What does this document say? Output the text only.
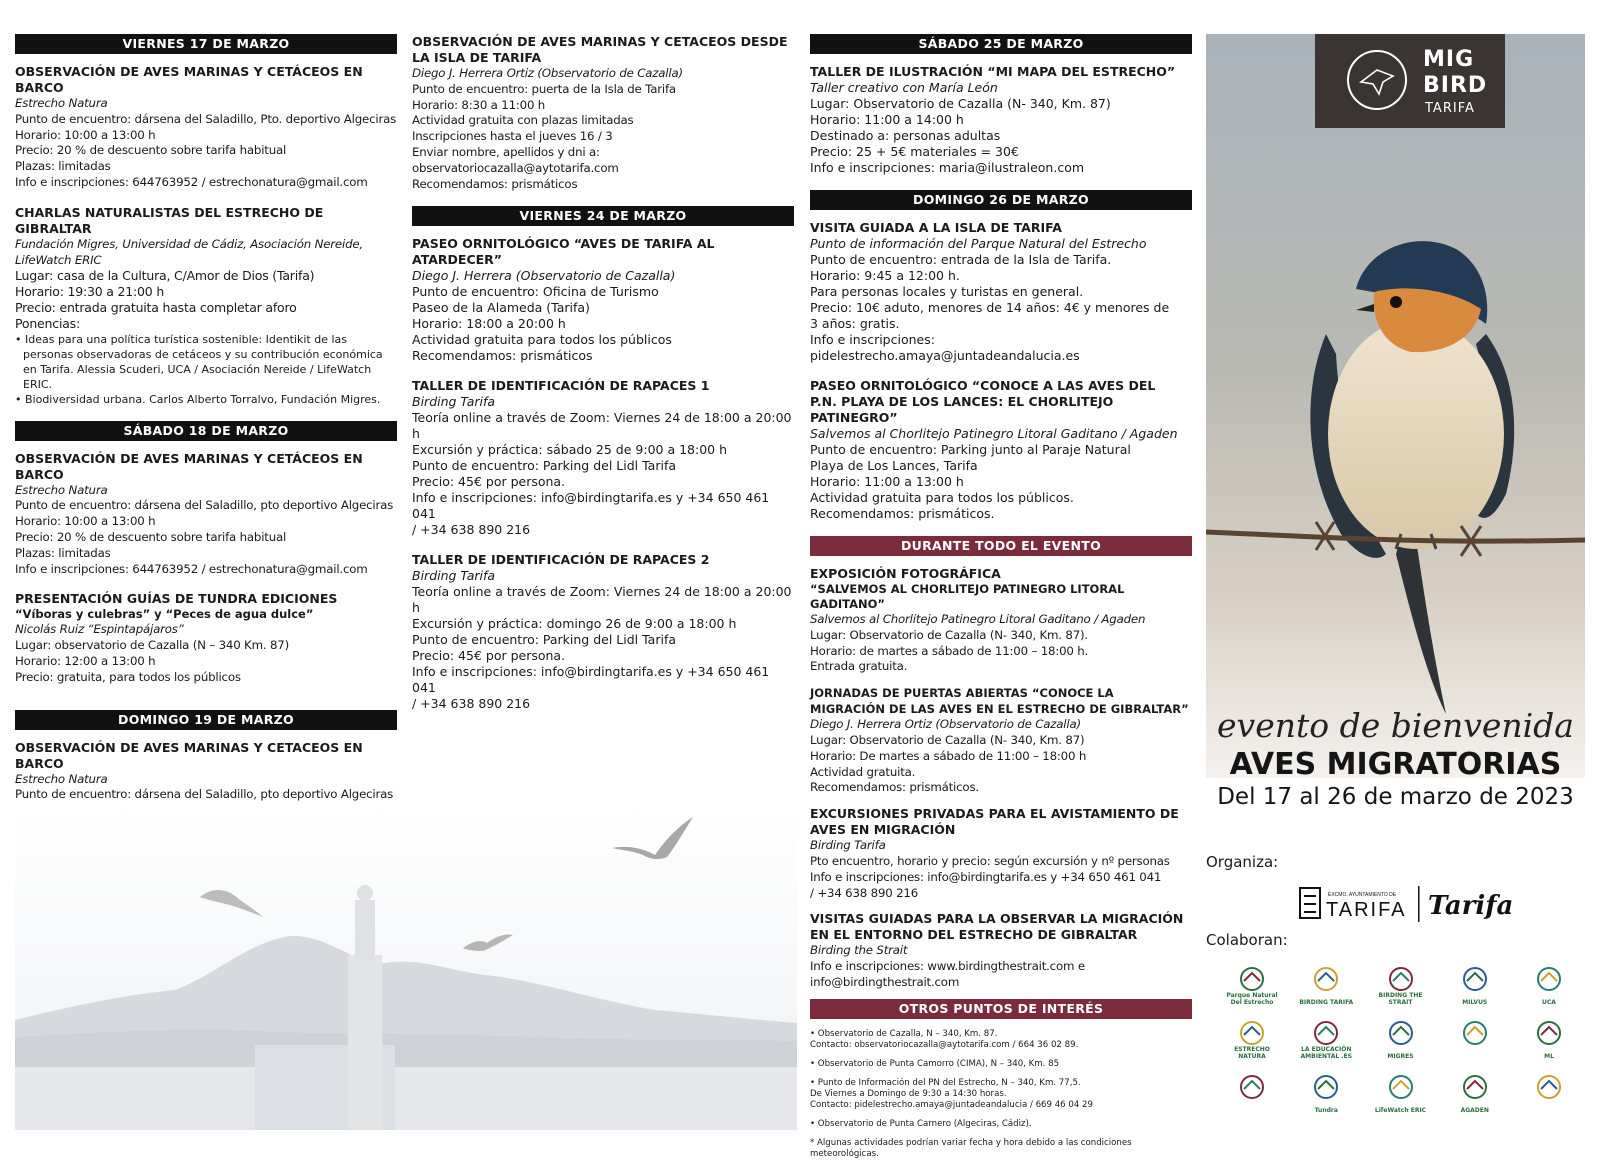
VIERNES 17 DE MARZO
OBSERVACIÓN DE AVES MARINAS Y CETÁCEOS EN BARCO
Estrecho Natura
Punto de encuentro: dársena del Saladillo, Pto. deportivo Algeciras
Horario: 10:00 a 13:00 h
Precio: 20 % de descuento sobre tarifa habitual
Plazas: limitadas
Info e inscripciones: 644763952 / estrechonatura@gmail.com
CHARLAS NATURALISTAS DEL ESTRECHO DE GIBRALTAR
Fundación Migres, Universidad de Cádiz, Asociación Nereide, LifeWatch ERIC
Lugar: casa de la Cultura, C/Amor de Dios (Tarifa)
Horario: 19:30 a 21:00 h
Precio: entrada gratuita hasta completar aforo
Ponencias:
• Ideas para una política turística sostenible: Identikit de las personas observadoras de cetáceos y su contribución económica en Tarifa. Alessia Scuderi, UCA / Asociación Nereide / LifeWatch ERIC.
• Biodiversidad urbana. Carlos Alberto Torralvo, Fundación Migres.
SÁBADO 18 DE MARZO
OBSERVACIÓN DE AVES MARINAS Y CETÁCEOS EN BARCO
Estrecho Natura
Punto de encuentro: dársena del Saladillo, pto deportivo Algeciras
Horario: 10:00 a 13:00 h
Precio: 20 % de descuento sobre tarifa habitual
Plazas: limitadas
Info e inscripciones: 644763952 / estrechonatura@gmail.com
PRESENTACIÓN GUÍAS DE TUNDRA EDICIONES
“Víboras y culebras” y “Peces de agua dulce”
Nicolás Ruiz “Espintapájaros”
Lugar: observatorio de Cazalla (N – 340 Km. 87)
Horario: 12:00 a 13:00 h
Precio: gratuita, para todos los públicos
DOMINGO 19 DE MARZO
OBSERVACIÓN DE AVES MARINAS Y CETACEOS EN BARCO
Estrecho Natura
Punto de encuentro: dársena del Saladillo, pto deportivo Algeciras
OBSERVACIÓN DE AVES MARINAS Y CETACEOS DESDE LA ISLA DE TARIFA
Diego J. Herrera Ortiz (Observatorio de Cazalla)
Punto de encuentro: puerta de la Isla de Tarifa
Horario: 8:30 a 11:00 h
Actividad gratuita con plazas limitadas
Inscripciones hasta el jueves 16 / 3
Enviar nombre, apellidos y dni a:
observatoriocazalla@aytotarifa.com
Recomendamos: prismáticos
VIERNES 24 DE MARZO
PASEO ORNITOLÓGICO “AVES DE TARIFA AL ATARDECER”
Diego J. Herrera (Observatorio de Cazalla)
Punto de encuentro: Oficina de Turismo
Paseo de la Alameda (Tarifa)
Horario: 18:00 a 20:00 h
Actividad gratuita para todos los públicos
Recomendamos: prismáticos
TALLER DE IDENTIFICACIÓN DE RAPACES 1
Birding Tarifa
Teoría online a través de Zoom: Viernes 24 de 18:00 a 20:00 h
Excursión y práctica: sábado 25 de 9:00 a 18:00 h
Punto de encuentro: Parking del Lidl Tarifa
Precio: 45€ por persona.
Info e inscripciones: info@birdingtarifa.es y +34 650 461 041
/ +34 638 890 216
TALLER DE IDENTIFICACIÓN DE RAPACES 2
Birding Tarifa
Teoría online a través de Zoom: Viernes 24 de 18:00 a 20:00 h
Excursión y práctica: domingo 26 de 9:00 a 18:00 h
Punto de encuentro: Parking del Lidl Tarifa
Precio: 45€ por persona.
Info e inscripciones: info@birdingtarifa.es y +34 650 461 041
/ +34 638 890 216
SÁBADO 25 DE MARZO
TALLER DE ILUSTRACIÓN “MI MAPA DEL ESTRECHO”
Taller creativo con María León
Lugar: Observatorio de Cazalla (N- 340, Km. 87)
Horario: 11:00 a 14:00 h
Destinado a: personas adultas
Precio: 25 + 5€ materiales = 30€
Info e inscripciones: maria@ilustraleon.com
DOMINGO 26 DE MARZO
VISITA GUIADA A LA ISLA DE TARIFA
Punto de información del Parque Natural del Estrecho
Punto de encuentro: entrada de la Isla de Tarifa.
Horario: 9:45 a 12:00 h.
Para personas locales y turistas en general.
Precio: 10€ aduto, menores de 14 años: 4€ y menores de
3 años: gratis.
Info e inscripciones:
pidelestrecho.amaya@juntadeandalucia.es
PASEO ORNITOLÓGICO “CONOCE A LAS AVES DEL
P.N. PLAYA DE LOS LANCES: EL CHORLITEJO PATINEGRO”
Salvemos al Chorlitejo Patinegro Litoral Gaditano / Agaden
Punto de encuentro: Parking junto al Paraje Natural
Playa de Los Lances, Tarifa
Horario: 11:00 a 13:00 h
Actividad gratuita para todos los públicos.
Recomendamos: prismáticos.
DURANTE TODO EL EVENTO
EXPOSICIÓN FOTOGRÁFICA
“SALVEMOS AL CHORLITEJO PATINEGRO LITORAL GADITANO”
Salvemos al Chorlitejo Patinegro Litoral Gaditano / Agaden
Lugar: Observatorio de Cazalla (N- 340, Km. 87).
Horario: de martes a sábado de 11:00 – 18:00 h.
Entrada gratuita.
JORNADAS DE PUERTAS ABIERTAS “CONOCE LA MIGRACIÓN DE LAS AVES EN EL ESTRECHO DE GIBRALTAR”
Diego J. Herrera Ortiz (Observatorio de Cazalla)
Lugar: Observatorio de Cazalla (N- 340, Km. 87)
Horario: De martes a sábado de 11:00 – 18:00 h
Actividad gratuita.
Recomendamos: prismáticos.
EXCURSIONES PRIVADAS PARA EL AVISTAMIENTO DE AVES EN MIGRACIÓN
Birding Tarifa
Pto encuentro, horario y precio: según excursión y nº personas
Info e inscripciones: info@birdingtarifa.es y +34 650 461 041
/ +34 638 890 216
VISITAS GUIADAS PARA LA OBSERVAR LA MIGRACIÓN EN EL ENTORNO DEL ESTRECHO DE GIBRALTAR
Birding the Strait
Info e inscripciones: www.birdingthestrait.com e
info@birdingthestrait.com
OTROS PUNTOS DE INTERÉS

• Observatorio de Cazalla, N – 340, Km. 87.
Contacto: observatoriocazalla@aytotarifa.com / 664 36 02 89.

• Observatorio de Punta Camorro (CIMA), N – 340, Km. 85

• Punto de Información del PN del Estrecho, N – 340, Km. 77,5.
De Viernes a Domingo de 9:30 a 14:30 horas.
Contacto: pidelestrecho.amaya@juntadeandalucia / 669 46 04 29

• Observatorio de Punta Carnero (Algeciras, Cádiz).

* Algunas actividades podrían variar fecha y hora debido a las condiciones meteorológicas.

MIG
BIRD
TARIFA
evento de bienvenida
AVES MIGRATORIAS
Del 17 al 26 de marzo de 2023
Organiza:
EXCMO. AYUNTAMIENTO DE
TARIFA Tarifa
Colaboran:
Parque Natural Del Estrecho	BIRDING TARIFA
BIRDING THE STRAIT	MILVUS	UCA
ESTRECHO NATURA
LA EDUCACIÓN AMBIENTAL .ES	MIGRES	ML
Tundra	LifeWatch ERIC	AGADEN
